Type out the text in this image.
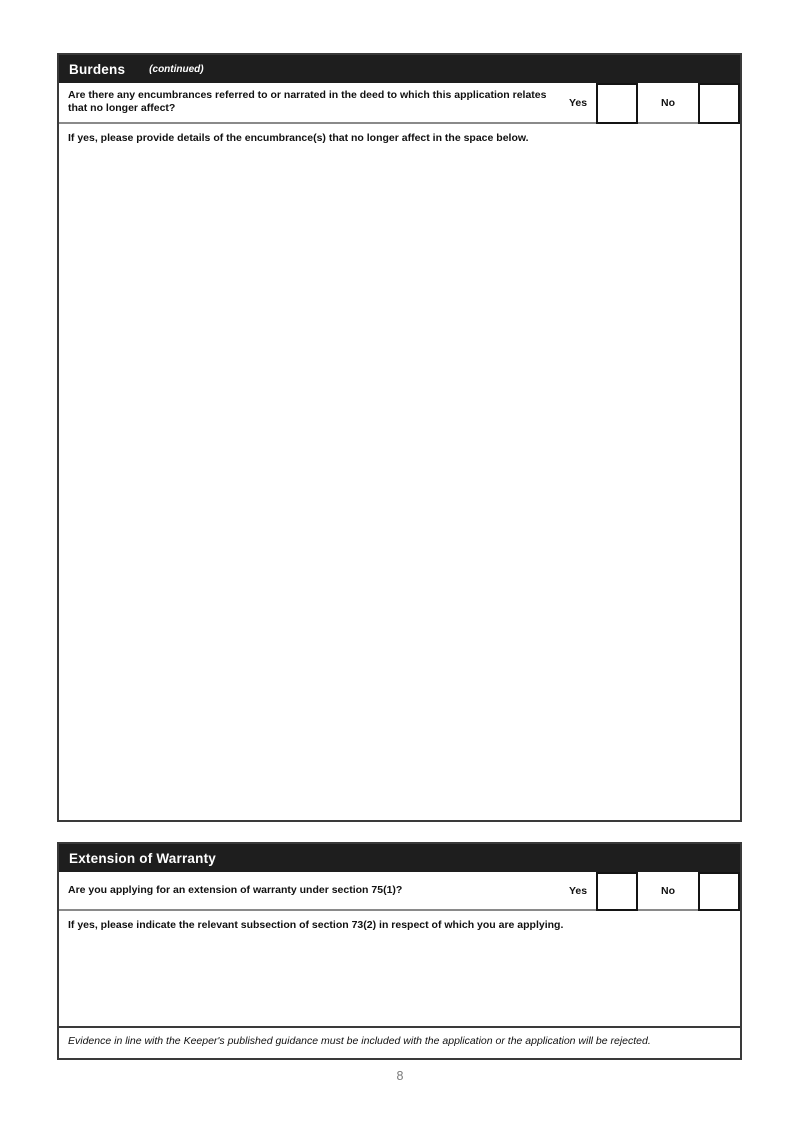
Burdens (continued)
Are there any encumbrances referred to or narrated in the deed to which this application relates that no longer affect?	Yes	No
If yes, please provide details of the encumbrance(s) that no longer affect in the space below.
Extension of Warranty
Are you applying for an extension of warranty under section 75(1)?	Yes	No
If yes, please indicate the relevant subsection of section 73(2) in respect of which you are applying.
Evidence in line with the Keeper's published guidance must be included with the application or the application will be rejected.
8
